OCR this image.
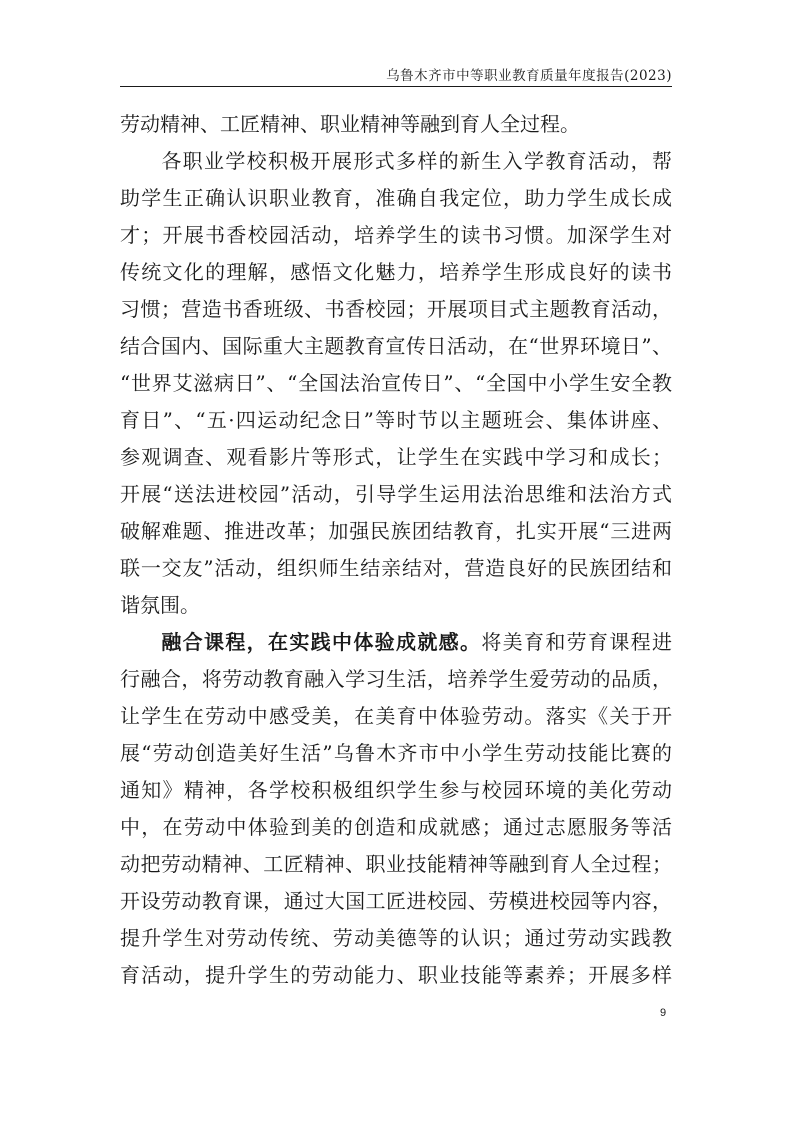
乌鲁木齐市中等职业教育质量年度报告(2023)
劳动精神、工匠精神、职业精神等融到育人全过程。
各职业学校积极开展形式多样的新生入学教育活动，帮
助学生正确认识职业教育，准确自我定位，助力学生成长成
才；开展书香校园活动，培养学生的读书习惯。加深学生对
传统文化的理解，感悟文化魅力，培养学生形成良好的读书
习惯；营造书香班级、书香校园；开展项目式主题教育活动，
结合国内、国际重大主题教育宣传日活动，在“世界环境日”、
“世界艾滋病日”、“全国法治宣传日”、“全国中小学生安全教
育日”、“五·四运动纪念日”等时节以主题班会、集体讲座、
参观调查、观看影片等形式，让学生在实践中学习和成长；
开展“送法进校园”活动，引导学生运用法治思维和法治方式
破解难题、推进改革；加强民族团结教育，扎实开展“三进两
联一交友”活动，组织师生结亲结对，营造良好的民族团结和
谐氛围。
融合课程，在实践中体验成就感。将美育和劳育课程进
行融合，将劳动教育融入学习生活，培养学生爱劳动的品质，
让学生在劳动中感受美，在美育中体验劳动。落实《关于开
展“劳动创造美好生活”乌鲁木齐市中小学生劳动技能比赛的
通知》精神，各学校积极组织学生参与校园环境的美化劳动
中，在劳动中体验到美的创造和成就感；通过志愿服务等活
动把劳动精神、工匠精神、职业技能精神等融到育人全过程；
开设劳动教育课，通过大国工匠进校园、劳模进校园等内容，
提升学生对劳动传统、劳动美德等的认识；通过劳动实践教
育活动，提升学生的劳动能力、职业技能等素养；开展多样
9
